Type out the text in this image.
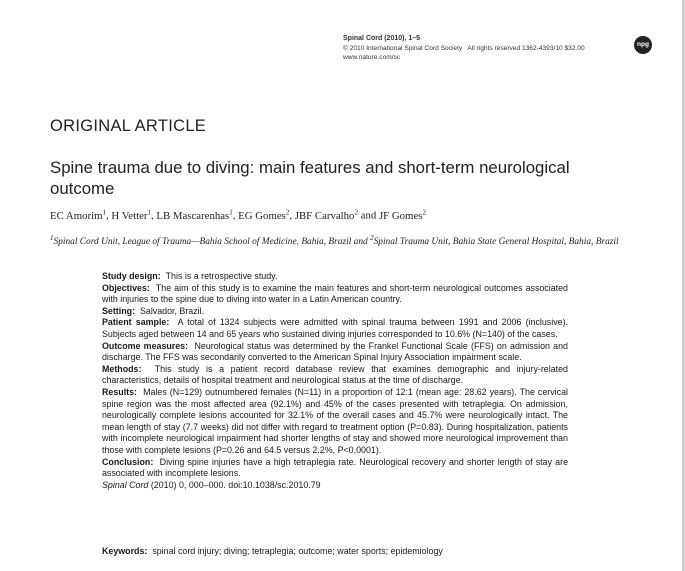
Spinal Cord (2010), 1–5
© 2010 International Spinal Cord Society All rights reserved 1362-4393/10 $32.00
www.nature.com/sc
npg
ORIGINAL ARTICLE
Spine trauma due to diving: main features and short-term neurological outcome
EC Amorim$^1$, H Vetter$^1$, LB Mascarenhas$^1$, EG Gomes$^2$, JBF Carvalho$^2$ and JF Gomes$^2$
$^1$Spinal Cord Unit, League of Trauma—Bahia School of Medicine, Bahia, Brazil and $^2$Spinal Trauma Unit, Bahia State General Hospital, Bahia, Brazil

Study design: This is a retrospective study.

Objectives: The aim of this study is to examine the main features and short-term neurological outcomes associated with injuries to the spine due to diving into water in a Latin American country.

Setting: Salvador, Brazil.

Patient sample: A total of 1324 subjects were admitted with spinal trauma between 1991 and 2006 (inclusive). Subjects aged between 14 and 65 years who sustained diving injuries corresponded to 10.6% (N=140) of the cases.

Outcome measures: Neurological status was determined by the Frankel Functional Scale (FFS) on admission and discharge. The FFS was secondarily converted to the American Spinal Injury Association impairment scale.

Methods: This study is a patient record database review that examines demographic and injury-related characteristics, details of hospital treatment and neurological status at the time of discharge.

Results: Males (N=129) outnumbered females (N=11) in a proportion of 12:1 (mean age: 28.62 years). The cervical spine region was the most affected area (92.1%) and 45% of the cases presented with tetraplegia. On admission, neurologically complete lesions accounted for 32.1% of the overall cases and 45.7% were neurologically intact. The mean length of stay (7.7 weeks) did not differ with regard to treatment option (P=0.83). During hospitalization, patients with incomplete neurological impairment had shorter lengths of stay and showed more neurological improvement than those with complete lesions (P=0.26 and 64.5 versus 2.2%, P<0.0001).

Conclusion: Diving spine injuries have a high tetraplegia rate. Neurological recovery and shorter length of stay are associated with incomplete lesions.

Spinal Cord (2010) 0, 000–000. doi:10.1038/sc.2010.79

Keywords: spinal cord injury; diving; tetraplegia; outcome; water sports; epidemiology
